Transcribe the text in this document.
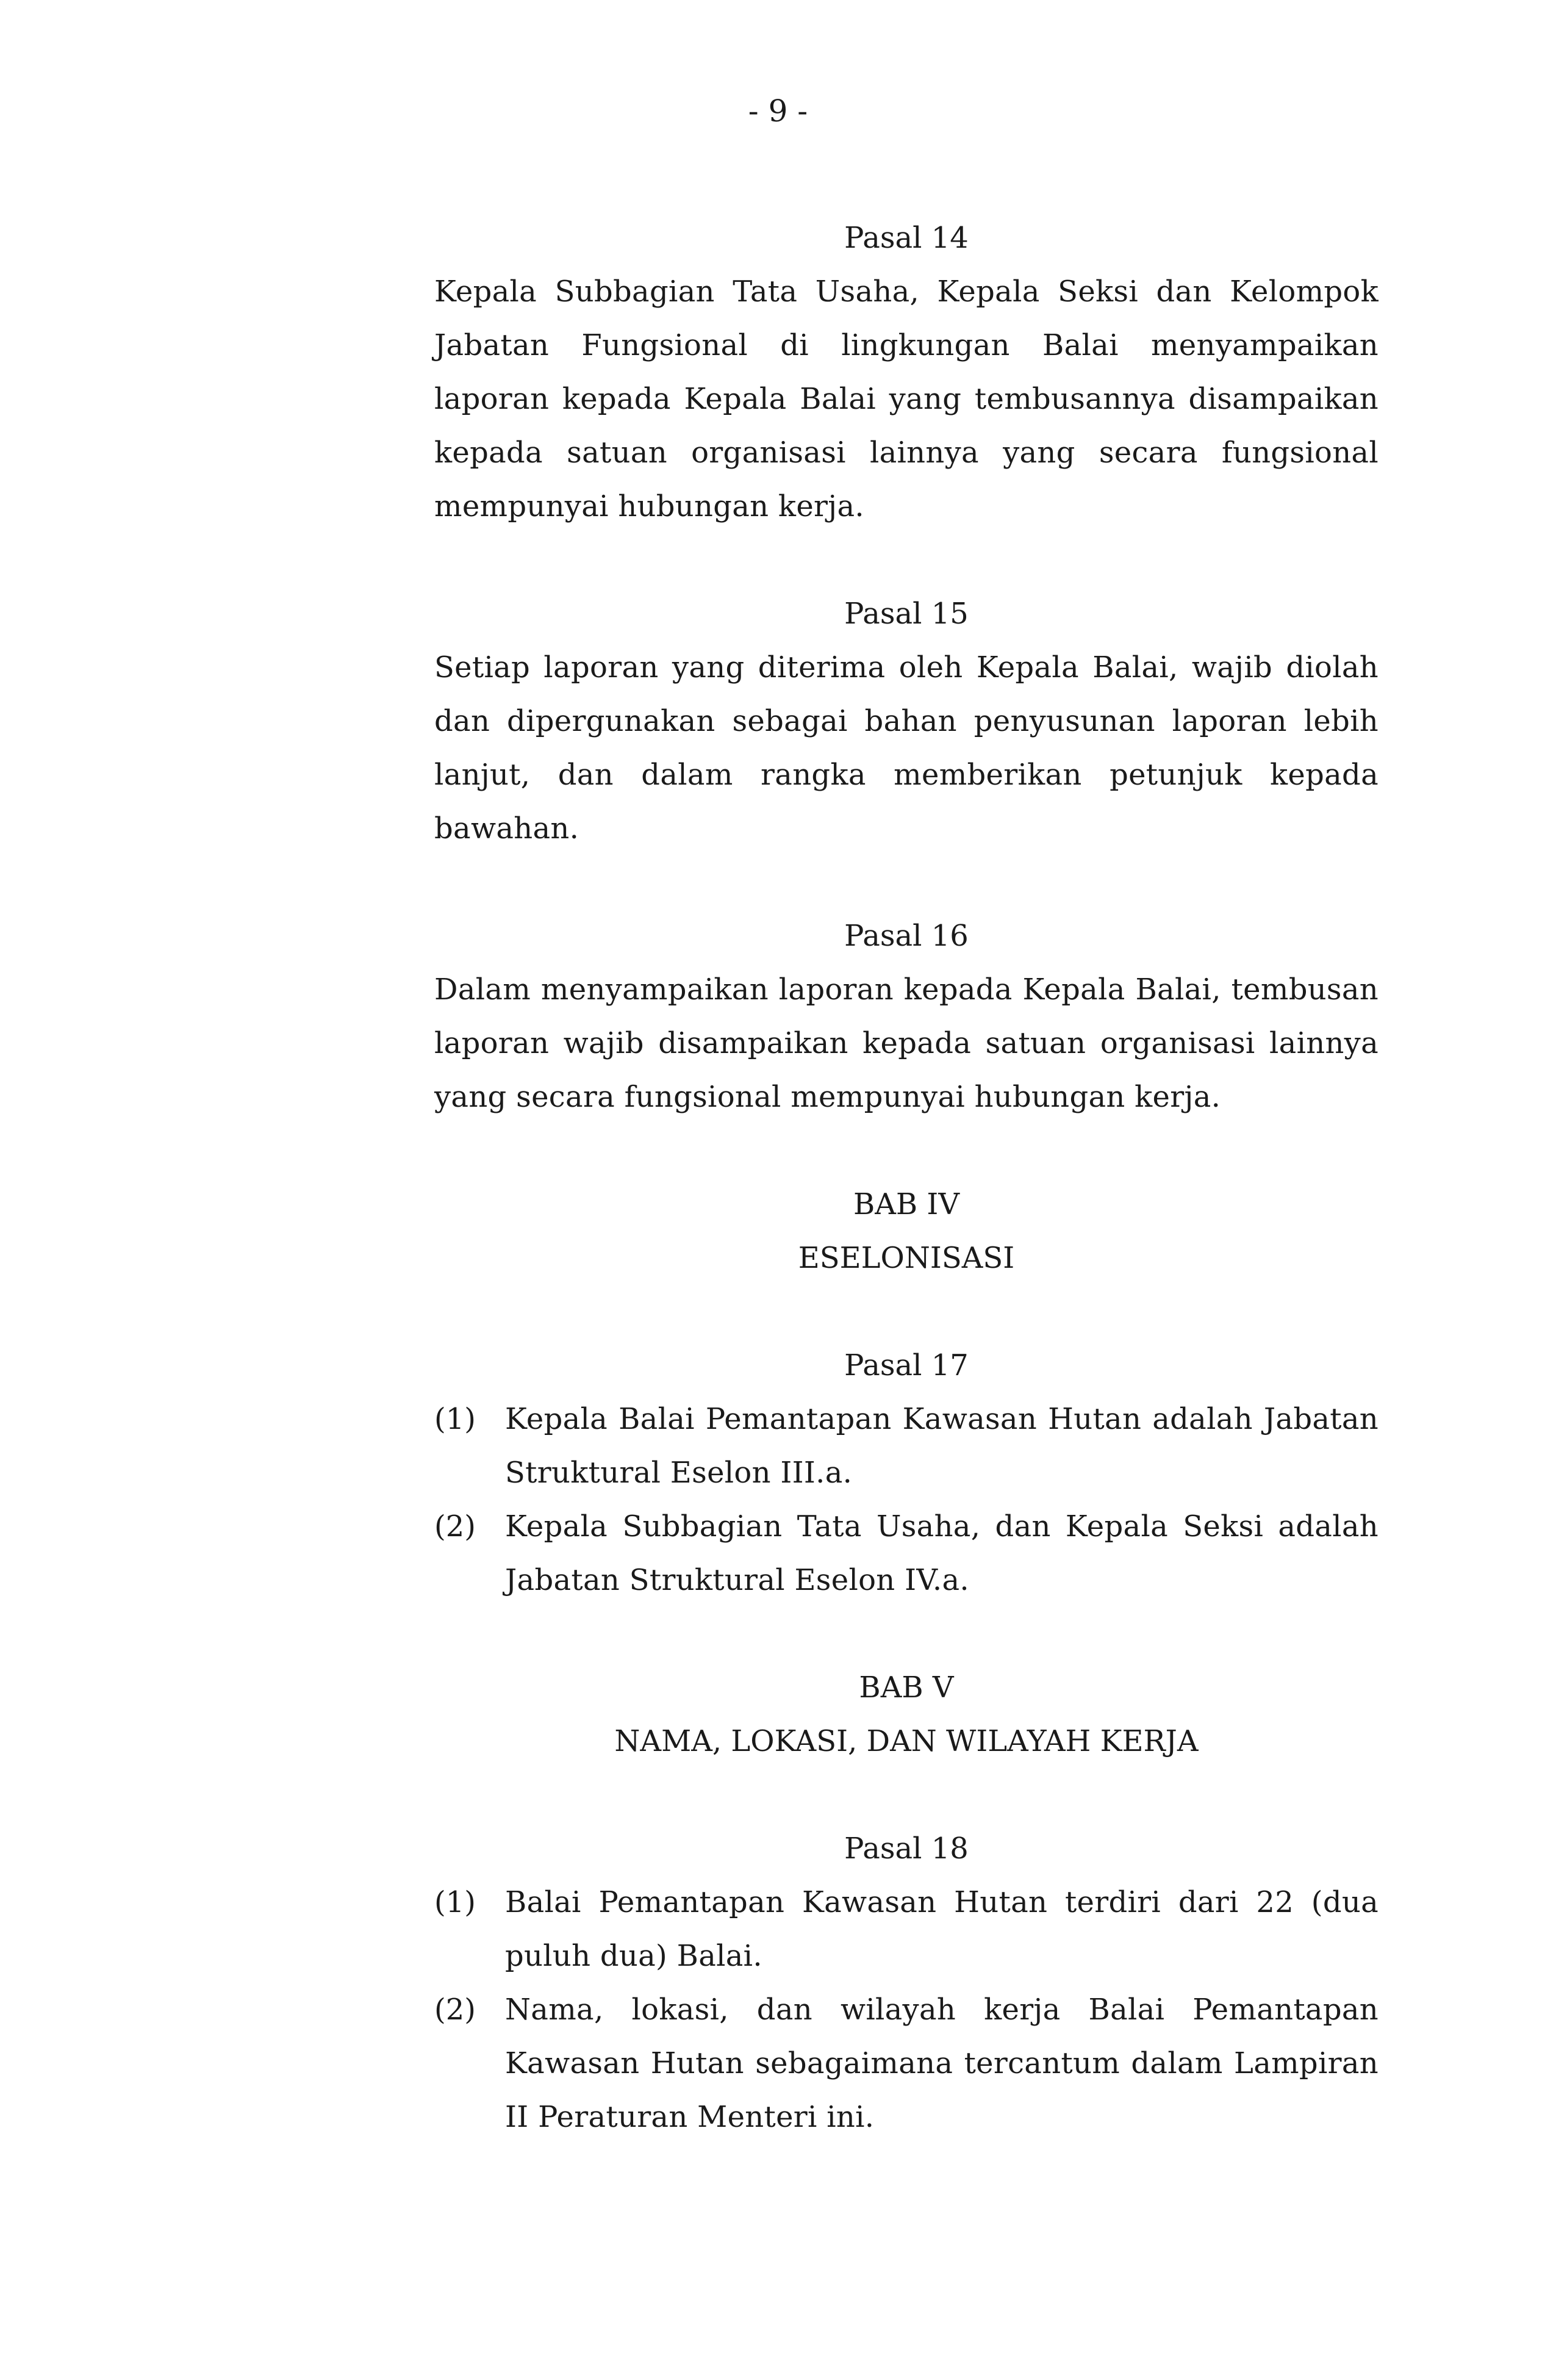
- 9 -

Pasal 14

Kepala Subbagian Tata Usaha, Kepala Seksi dan Kelompok Jabatan Fungsional di lingkungan Balai menyampaikan laporan kepada Kepala Balai yang tembusannya disampaikan kepada satuan organisasi lainnya yang secara fungsional mempunyai hubungan kerja.

Pasal 15

Setiap laporan yang diterima oleh Kepala Balai, wajib diolah dan dipergunakan sebagai bahan penyusunan laporan lebih lanjut, dan dalam rangka memberikan petunjuk kepada bawahan.

Pasal 16

Dalam menyampaikan laporan kepada Kepala Balai, tembusan laporan wajib disampaikan kepada satuan organisasi lainnya yang secara fungsional mempunyai hubungan kerja.

BAB IV

ESELONISASI

Pasal 17

(1)	Kepala Balai Pemantapan Kawasan Hutan adalah Jabatan Struktural Eselon III.a.
(2)	Kepala Subbagian Tata Usaha, dan Kepala Seksi adalah Jabatan Struktural Eselon IV.a.

BAB V

NAMA, LOKASI, DAN WILAYAH KERJA

Pasal 18

(1)	Balai Pemantapan Kawasan Hutan terdiri dari 22 (dua puluh dua) Balai.
(2)	Nama, lokasi, dan wilayah kerja Balai Pemantapan Kawasan Hutan sebagaimana tercantum dalam Lampiran II Peraturan Menteri ini.
